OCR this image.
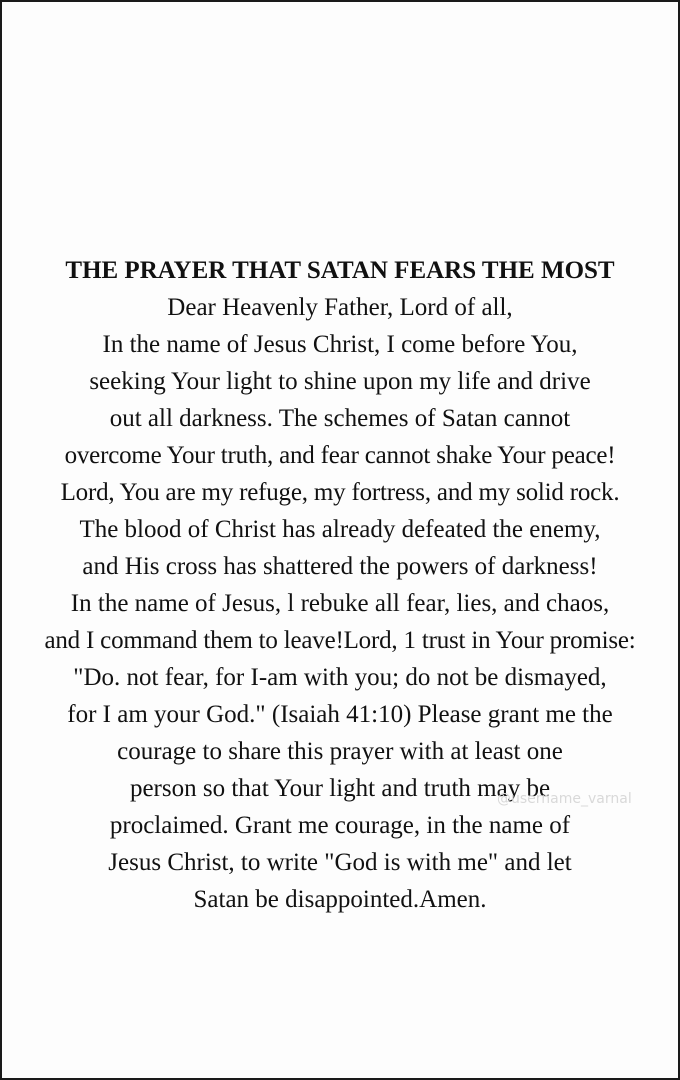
THE PRAYER THAT SATAN FEARS THE MOST
Dear Heavenly Father, Lord of all,
In the name of Jesus Christ, I come before You,
seeking Your light to shine upon my life and drive
out all darkness. The schemes of Satan cannot
overcome Your truth, and fear cannot shake Your peace!
Lord, You are my refuge, my fortress, and my solid rock.
The blood of Christ has already defeated the enemy,
and His cross has shattered the powers of darkness!
In the name of Jesus, l rebuke all fear, lies, and chaos,
and I command them to leave!Lord, 1 trust in Your promise:
"Do. not fear, for I-am with you; do not be dismayed,
for I am your God." (Isaiah 41:10) Please grant me the
courage to share this prayer with at least one
person so that Your light and truth may be
proclaimed. Grant me courage, in the name of
Jesus Christ, to write "God is with me" and let
Satan be disappointed.Amen.
@username_varnal
